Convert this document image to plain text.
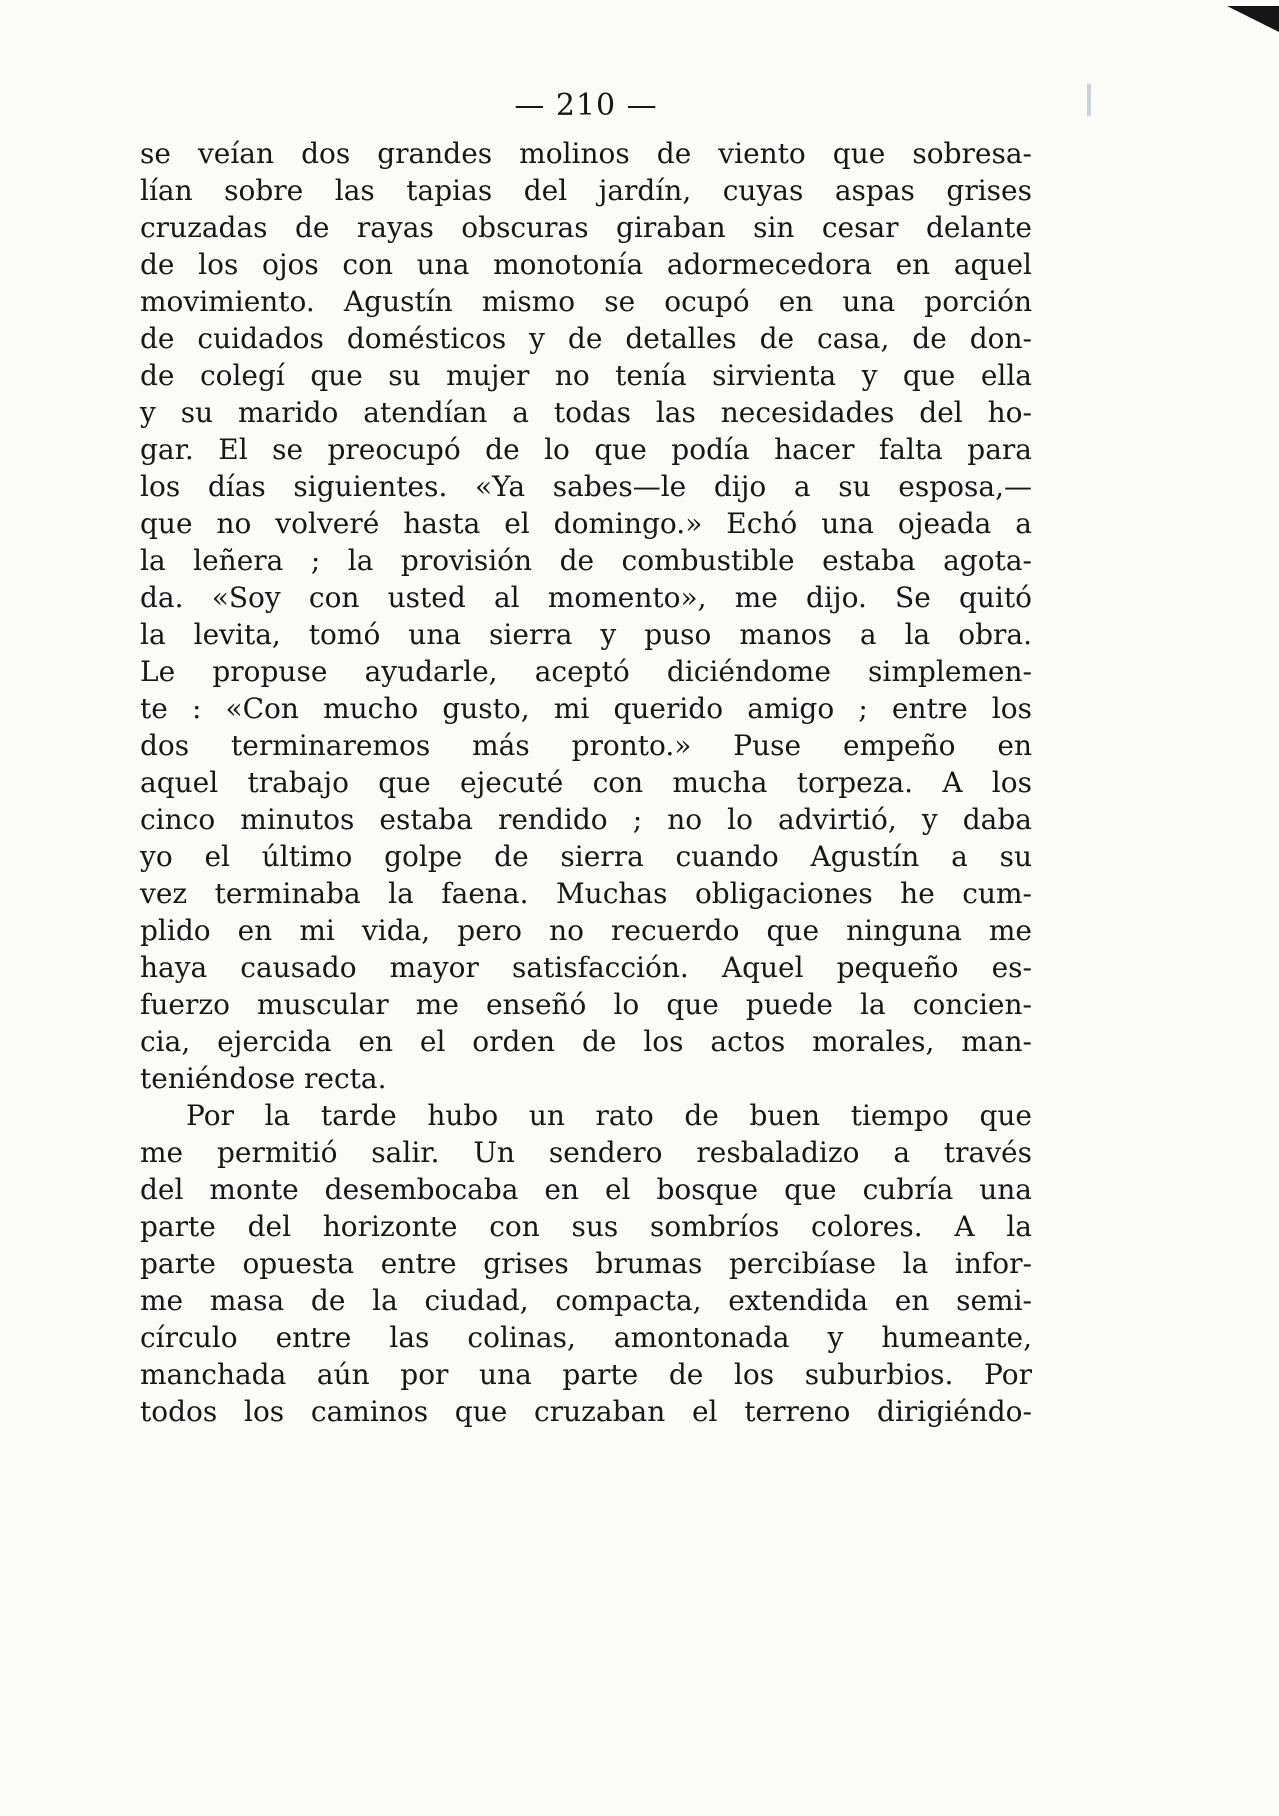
— 210 —
se veían dos grandes molinos de viento que sobresa-
lían sobre las tapias del jardín, cuyas aspas grises
cruzadas de rayas obscuras giraban sin cesar delante
de los ojos con una monotonía adormecedora en aquel
movimiento. Agustín mismo se ocupó en una porción
de cuidados domésticos y de detalles de casa, de don-
de colegí que su mujer no tenía sirvienta y que ella
y su marido atendían a todas las necesidades del ho-
gar. El se preocupó de lo que podía hacer falta para
los días siguientes. «Ya sabes—le dijo a su esposa,—
que no volveré hasta el domingo.» Echó una ojeada a
la leñera ; la provisión de combustible estaba agota-
da. «Soy con usted al momento», me dijo. Se quitó
la levita, tomó una sierra y puso manos a la obra.
Le propuse ayudarle, aceptó diciéndome simplemen-
te : «Con mucho gusto, mi querido amigo ; entre los
dos terminaremos más pronto.» Puse empeño en
aquel trabajo que ejecuté con mucha torpeza. A los
cinco minutos estaba rendido ; no lo advirtió, y daba
yo el último golpe de sierra cuando Agustín a su
vez terminaba la faena. Muchas obligaciones he cum-
plido en mi vida, pero no recuerdo que ninguna me
haya causado mayor satisfacción. Aquel pequeño es-
fuerzo muscular me enseñó lo que puede la concien-
cia, ejercida en el orden de los actos morales, man-
teniéndose recta.
Por la tarde hubo un rato de buen tiempo que
me permitió salir. Un sendero resbaladizo a través
del monte desembocaba en el bosque que cubría una
parte del horizonte con sus sombríos colores. A la
parte opuesta entre grises brumas percibíase la infor-
me masa de la ciudad, compacta, extendida en semi-
círculo entre las colinas, amontonada y humeante,
manchada aún por una parte de los suburbios. Por
todos los caminos que cruzaban el terreno dirigiéndo-
